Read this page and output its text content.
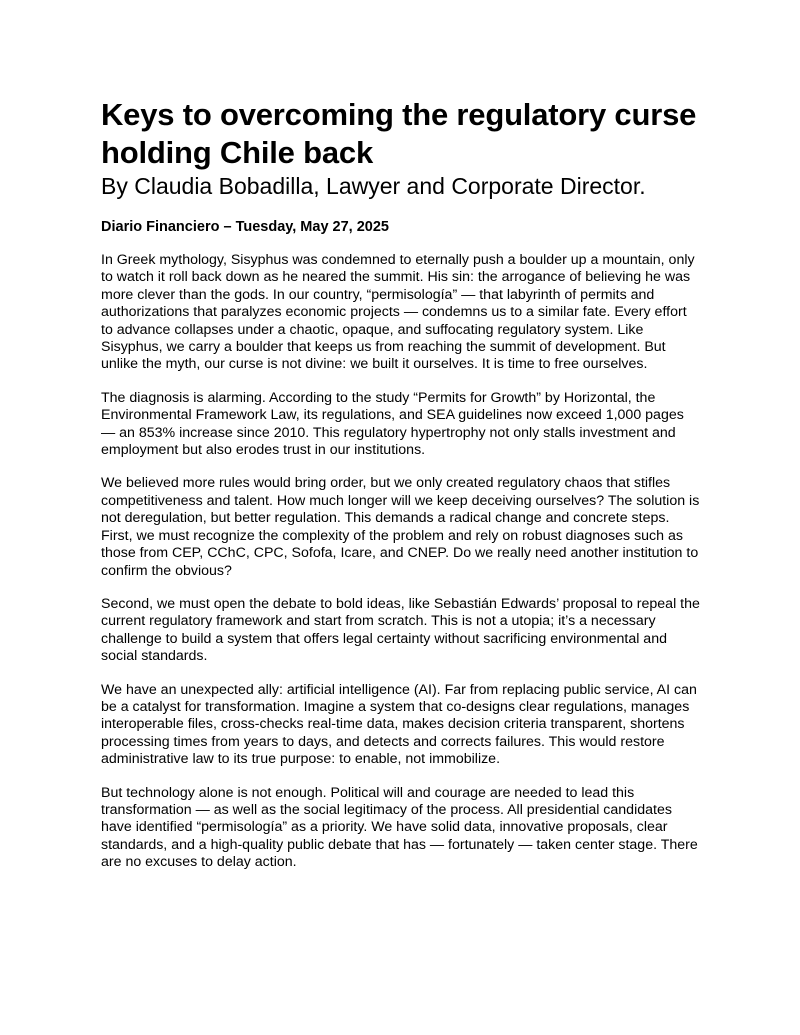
Keys to overcoming the regulatory curse holding Chile back
By Claudia Bobadilla, Lawyer and Corporate Director.

Diario Financiero – Tuesday, May 27, 2025

In Greek mythology, Sisyphus was condemned to eternally push a boulder up a mountain, only to watch it roll back down as he neared the summit. His sin: the arrogance of believing he was more clever than the gods. In our country, “permisología” — that labyrinth of permits and authorizations that paralyzes economic projects — condemns us to a similar fate. Every effort to advance collapses under a chaotic, opaque, and suffocating regulatory system. Like Sisyphus, we carry a boulder that keeps us from reaching the summit of development. But unlike the myth, our curse is not divine: we built it ourselves. It is time to free ourselves.

The diagnosis is alarming. According to the study “Permits for Growth” by Horizontal, the Environmental Framework Law, its regulations, and SEA guidelines now exceed 1,000 pages — an 853% increase since 2010. This regulatory hypertrophy not only stalls investment and employment but also erodes trust in our institutions.

We believed more rules would bring order, but we only created regulatory chaos that stifles competitiveness and talent. How much longer will we keep deceiving ourselves? The solution is not deregulation, but better regulation. This demands a radical change and concrete steps. First, we must recognize the complexity of the problem and rely on robust diagnoses such as those from CEP, CChC, CPC, Sofofa, Icare, and CNEP. Do we really need another institution to confirm the obvious?

Second, we must open the debate to bold ideas, like Sebastián Edwards’ proposal to repeal the current regulatory framework and start from scratch. This is not a utopia; it’s a necessary challenge to build a system that offers legal certainty without sacrificing environmental and social standards.

We have an unexpected ally: artificial intelligence (AI). Far from replacing public service, AI can be a catalyst for transformation. Imagine a system that co-designs clear regulations, manages interoperable files, cross-checks real-time data, makes decision criteria transparent, shortens processing times from years to days, and detects and corrects failures. This would restore administrative law to its true purpose: to enable, not immobilize.

But technology alone is not enough. Political will and courage are needed to lead this transformation — as well as the social legitimacy of the process. All presidential candidates have identified “permisología” as a priority. We have solid data, innovative proposals, clear standards, and a high-quality public debate that has — fortunately — taken center stage. There are no excuses to delay action.
